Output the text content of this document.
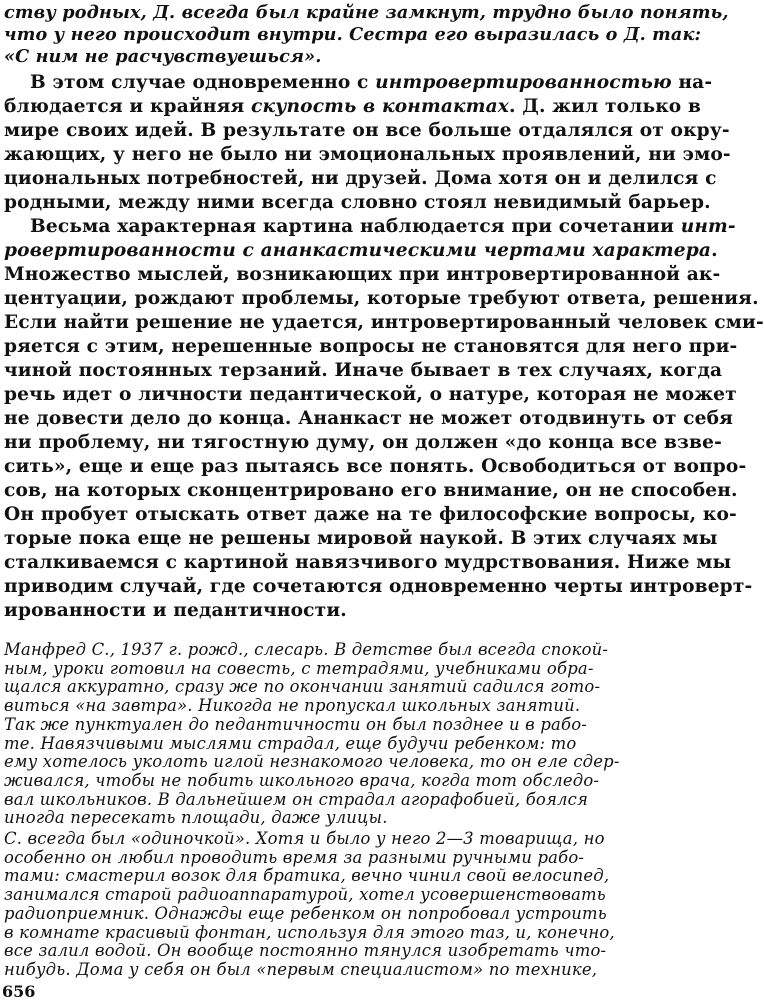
ству родных, Д. всегда был крайне замкнут, трудно было понять,
что у него происходит внутри. Сестра его выразилась о Д. так:
«С ним не расчувствуешься».
В этом случае одновременно с интровертированностью на-
блюдается и крайняя скупость в контактах. Д. жил только в
мире своих идей. В результате он все больше отдалялся от окру-
жающих, у него не было ни эмоциональных проявлений, ни эмо-
циональных потребностей, ни друзей. Дома хотя он и делился с
родными, между ними всегда словно стоял невидимый барьер.
Весьма характерная картина наблюдается при сочетании инт-
ровертированности с ананкастическими чертами характера.
Множество мыслей, возникающих при интровертированной ак-
центуации, рождают проблемы, которые требуют ответа, решения.
Если найти решение не удается, интровертированный человек сми-
ряется с этим, нерешенные вопросы не становятся для него при-
чиной постоянных терзаний. Иначе бывает в тех случаях, когда
речь идет о личности педантической, о натуре, которая не может
не довести дело до конца. Ананкаст не может отодвинуть от себя
ни проблему, ни тягостную думу, он должен «до конца все взве-
сить», еще и еще раз пытаясь все понять. Освободиться от вопро-
сов, на которых сконцентрировано его внимание, он не способен.
Он пробует отыскать ответ даже на те философские вопросы, ко-
торые пока еще не решены мировой наукой. В этих случаях мы
сталкиваемся с картиной навязчивого мудрствования. Ниже мы
приводим случай, где сочетаются одновременно черты интроверт-
ированности и педантичности.
Манфред С., 1937 г. рожд., слесарь. В детстве был всегда спокой-
ным, уроки готовил на совесть, с тетрадями, учебниками обра-
щался аккуратно, сразу же по окончании занятий садился гото-
виться «на завтра». Никогда не пропускал школьных занятий.
Так же пунктуален до педантичности он был позднее и в рабо-
те. Навязчивыми мыслями страдал, еще будучи ребенком: то
ему хотелось уколоть иглой незнакомого человека, то он еле сдер-
живался, чтобы не побить школьного врача, когда тот обследо-
вал школьников. В дальнейшем он страдал агорафобией, боялся
иногда пересекать площади, даже улицы.
С. всегда был «одиночкой». Хотя и было у него 2—3 товарища, но
особенно он любил проводить время за разными ручными рабо-
тами: смастерил возок для братика, вечно чинил свой велосипед,
занимался старой радиоаппаратурой, хотел усовершенствовать
радиоприемник. Однажды еще ребенком он попробовал устроить
в комнате красивый фонтан, используя для этого таз, и, конечно,
все залил водой. Он вообще постоянно тянулся изобретать что-
нибудь. Дома у себя он был «первым специалистом» по технике,
656
